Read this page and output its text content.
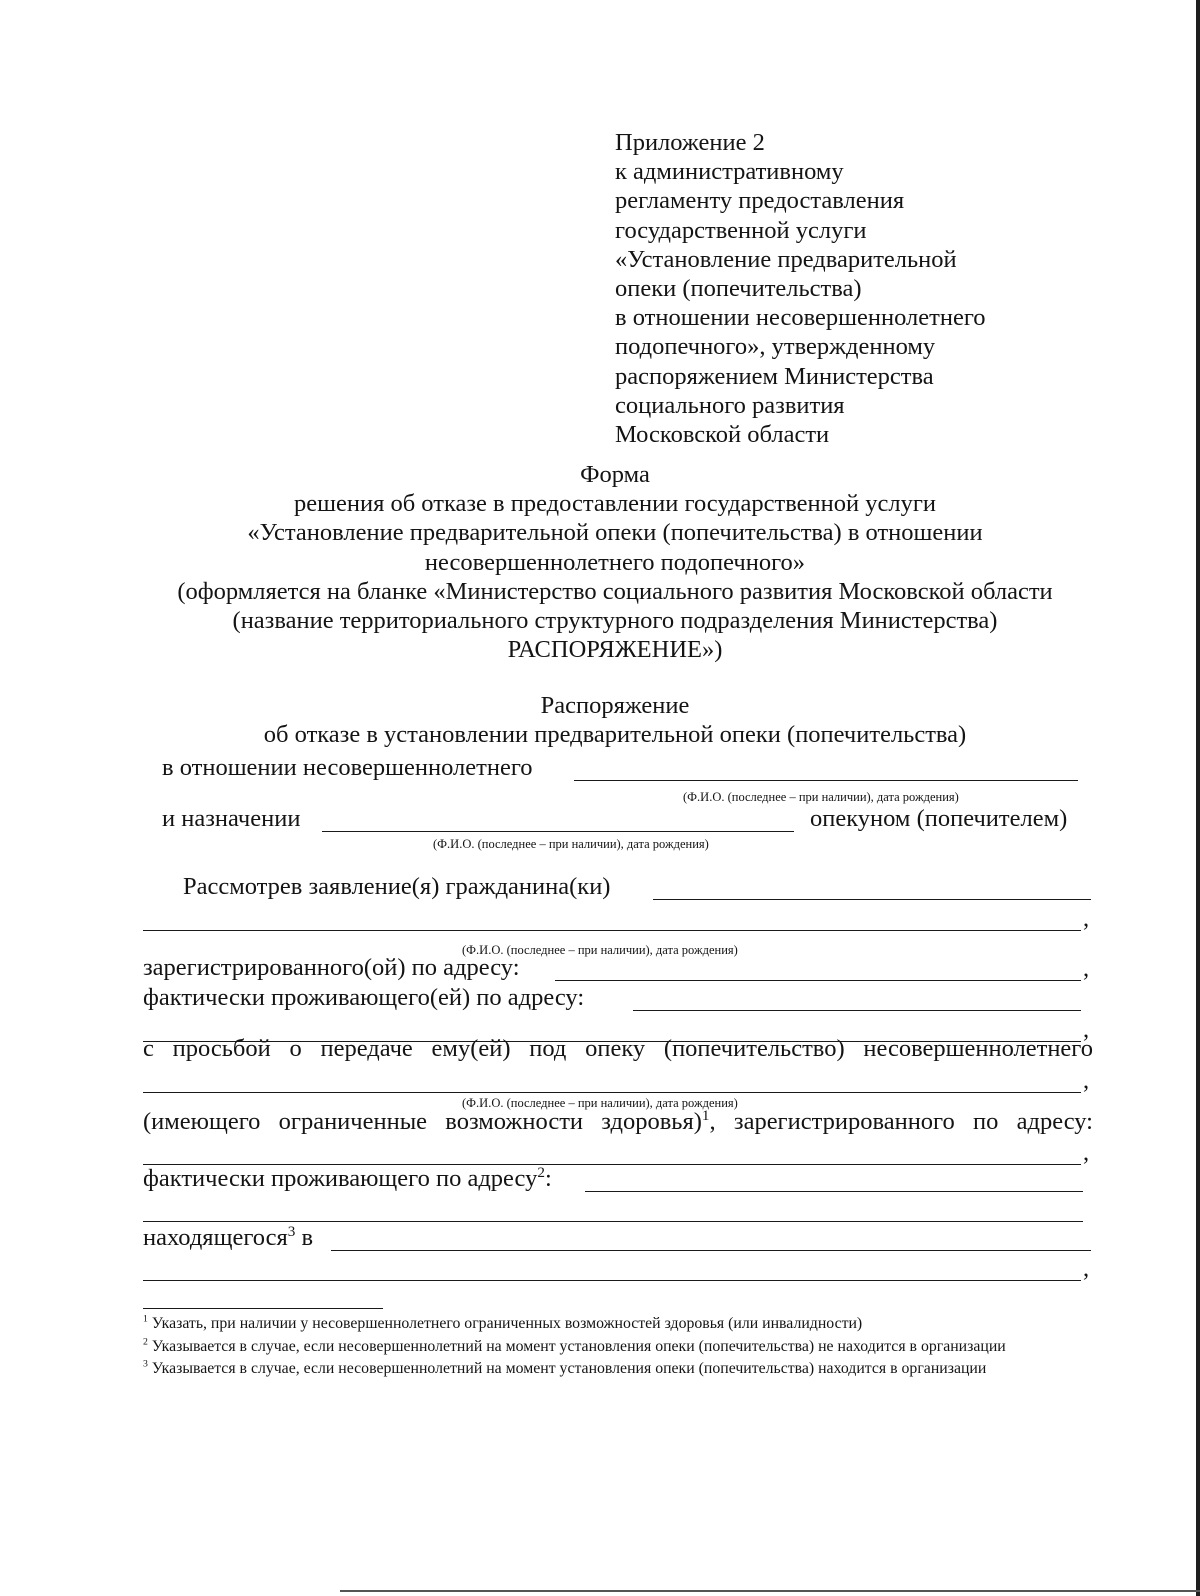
Приложение 2
к административному
регламенту предоставления
государственной услуги
«Установление предварительной
опеки (попечительства)
в отношении несовершеннолетнего
подопечного», утвержденному
распоряжением Министерства
социального развития
Московской области
Форма
решения об отказе в предоставлении государственной услуги
«Установление предварительной опеки (попечительства) в отношении
несовершеннолетнего подопечного»
(оформляется на бланке «Министерство социального развития Московской области
(название территориального структурного подразделения Министерства)
РАСПОРЯЖЕНИЕ»)
Распоряжение
об отказе в установлении предварительной опеки (попечительства)
в отношении несовершеннолетнего
(Ф.И.О. (последнее – при наличии), дата рождения)
и назначении	опекуном (попечителем)
(Ф.И.О. (последнее – при наличии), дата рождения)
Рассмотрев заявление(я) гражданина(ки)
,
(Ф.И.О. (последнее – при наличии), дата рождения)
зарегистрированного(ой) по адресу:	,
фактически проживающего(ей) по адресу:
,
с просьбой о передаче ему(ей) под опеку (попечительство) несовершеннолетнего
,
(Ф.И.О. (последнее – при наличии), дата рождения)
(имеющего ограниченные возможности здоровья)$^1$, зарегистрированного по адресу:
,
фактически проживающего по адресу$^2$:
находящегося$^3$ в
,

$^1$ Указать, при наличии у несовершеннолетнего ограниченных возможностей здоровья (или инвалидности)

$^2$ Указывается в случае, если несовершеннолетний на момент установления опеки (попечительства) не находится в организации

$^3$ Указывается в случае, если несовершеннолетний на момент установления опеки (попечительства) находится в организации
